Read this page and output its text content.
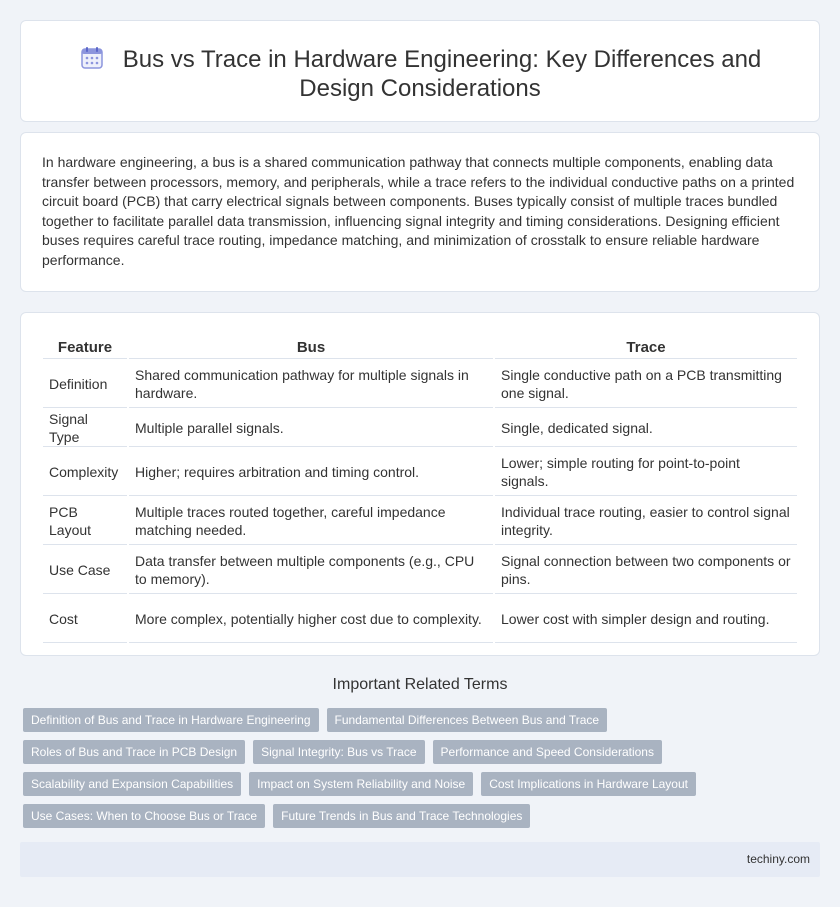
Bus vs Trace in Hardware Engineering: Key Differences and Design Considerations

In hardware engineering, a bus is a shared communication pathway that connects multiple components, enabling data transfer between processors, memory, and peripherals, while a trace refers to the individual conductive paths on a printed circuit board (PCB) that carry electrical signals between components. Buses typically consist of multiple traces bundled together to facilitate parallel data transmission, influencing signal integrity and timing considerations. Designing efficient buses requires careful trace routing, impedance matching, and minimization of crosstalk to ensure reliable hardware performance.

Feature	Bus	Trace
Definition	Shared communication pathway for multiple signals in hardware.	Single conductive path on a PCB transmitting one signal.
Signal Type	Multiple parallel signals.	Single, dedicated signal.
Complexity	Higher; requires arbitration and timing control.	Lower; simple routing for point-to-point signals.
PCB Layout	Multiple traces routed together, careful impedance matching needed.	Individual trace routing, easier to control signal integrity.
Use Case	Data transfer between multiple components (e.g., CPU to memory).	Signal connection between two components or pins.
Cost	More complex, potentially higher cost due to complexity.	Lower cost with simpler design and routing.
Important Related Terms
Definition of Bus and Trace in Hardware Engineering	Fundamental Differences Between Bus and Trace
Roles of Bus and Trace in PCB Design	Signal Integrity: Bus vs Trace	Performance and Speed Considerations
Scalability and Expansion Capabilities	Impact on System Reliability and Noise	Cost Implications in Hardware Layout
Use Cases: When to Choose Bus or Trace	Future Trends in Bus and Trace Technologies
techiny.com
